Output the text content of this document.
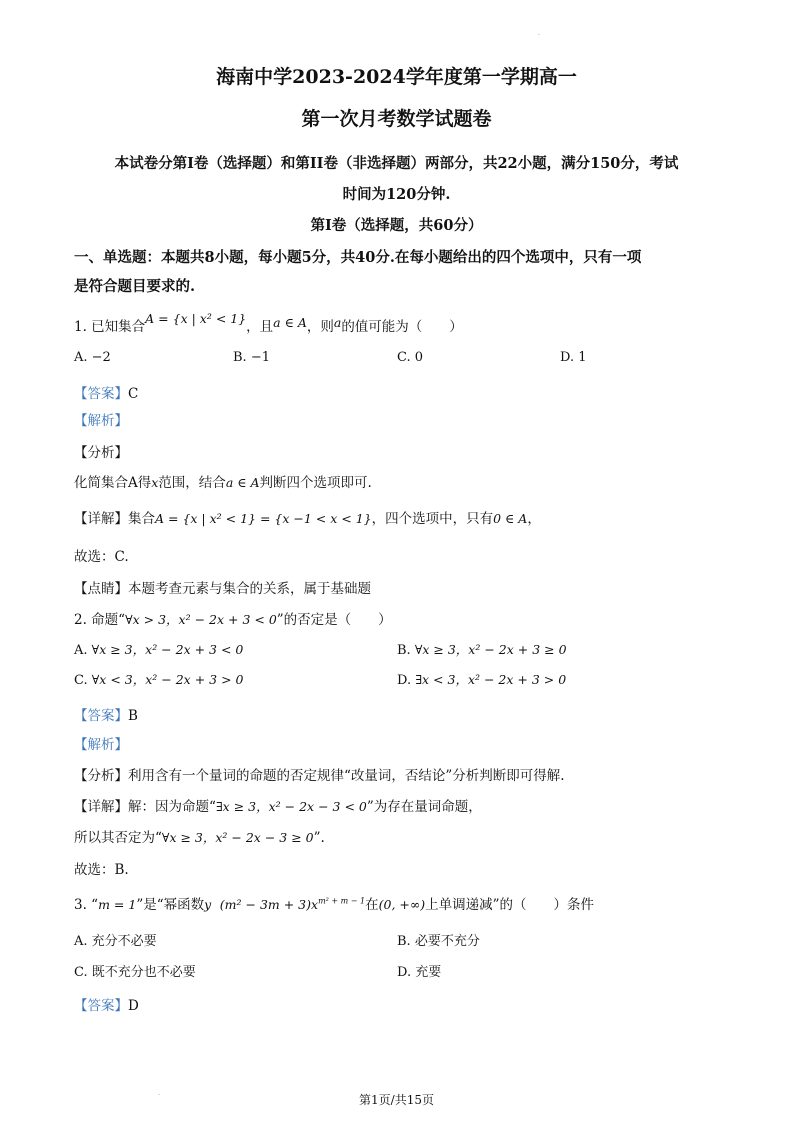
.
海南中学2023-2024学年度第一学期高一
第一次月考数学试题卷
本试卷分第I卷（选择题）和第II卷（非选择题）两部分，共22小题，满分150分，考试
时间为120分钟.
第I卷（选择题，共60分）
一、单选题：本题共8小题，每小题5分，共40分.在每小题给出的四个选项中，只有一项
是符合题目要求的.
1. 已知集合A = {x | x² < 1}，且a ∈ A，则a的值可能为（　　）
A. −2	B. −1	C. 0	D. 1
【答案】C
【解析】
【分析】
化简集合A得x范围，结合a ∈ A判断四个选项即可.
【详解】集合A = {x | x² < 1} = {x −1 < x < 1}，四个选项中，只有0 ∈ A，
故选：C.
【点睛】本题考查元素与集合的关系，属于基础题
2. 命题“∀x > 3，x² − 2x + 3 < 0”的否定是（　　）
A. ∀x ≥ 3，x² − 2x + 3 < 0	B. ∀x ≥ 3，x² − 2x + 3 ≥ 0
C. ∀x < 3，x² − 2x + 3 > 0	D. ∃x < 3，x² − 2x + 3 > 0
【答案】B
【解析】
【分析】利用含有一个量词的命题的否定规律“改量词，否结论”分析判断即可得解.
【详解】解：因为命题“∃x ≥ 3，x² − 2x − 3 < 0”为存在量词命题，
所以其否定为“∀x ≥ 3，x² − 2x − 3 ≥ 0”.
故选：B.
3. “m = 1”是“幂函数y $(m^2 - 3m + 3)x^{m^2 + m - 1}$在(0, +∞)上单调递减”的（　　）条件
A. 充分不必要	B. 必要不充分
C. 既不充分也不必要	D. 充要
【答案】D
.	第1页/共15页
